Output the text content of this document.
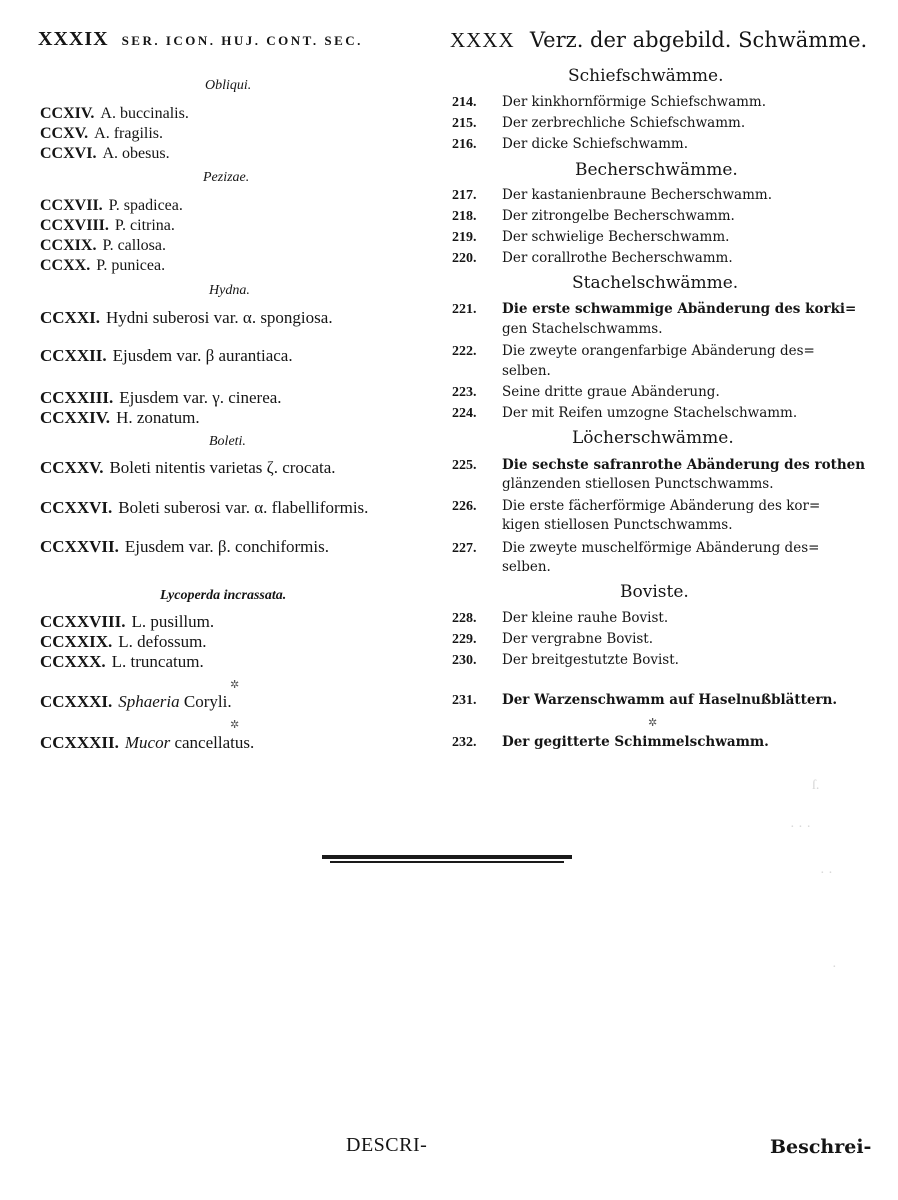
XXXIX SER. ICON. HUJ. CONT. SEC.	XXXX Verz. der abgebild. Schwämme.
Obliqui.
CCXIV. A. buccinalis.
CCXV. A. fragilis.
CCXVI. A. obesus.
Pezizae.
CCXVII. P. spadicea.
CCXVIII. P. citrina.
CCXIX. P. callosa.
CCXX. P. punicea.
Hydna.
CCXXI. Hydni suberosi var. α. spongiosa.
CCXXII. Ejusdem var. β aurantiaca.
CCXXIII. Ejusdem var. γ. cinerea.
CCXXIV. H. zonatum.
Boleti.
CCXXV. Boleti nitentis varietas ζ. crocata.
CCXXVI. Boleti suberosi var. α. flabelliformis.
CCXXVII. Ejusdem var. β. conchiformis.
Lycoperda incrassata.
CCXXVIII. L. pusillum.
CCXXIX. L. defossum.
CCXXX. L. truncatum.
✲
CCXXXI. Sphaeria Coryli.
✲
CCXXXII. Mucor cancellatus.
Schiefschwämme.
214. Der kinkhornförmige Schiefschwamm.
215. Der zerbrechliche Schiefschwamm.
216. Der dicke Schiefschwamm.
Becherschwämme.
217. Der kastanienbraune Becherschwamm.
218. Der zitrongelbe Becherschwamm.
219. Der schwielige Becherschwamm.
220. Der corallrothe Becherschwamm.
Stachelschwämme.
221. Die erste schwammige Abänderung des korki=
gen Stachelschwamms.
222. Die zweyte orangenfarbige Abänderung des=
selben.
223. Seine dritte graue Abänderung.
224. Der mit Reifen umzogne Stachelschwamm.
Löcherschwämme.
225. Die sechste safranrothe Abänderung des rothen
glänzenden stiellosen Punctschwamms.
226. Die erste fächerförmige Abänderung des kor=
kigen stiellosen Punctschwamms.
227. Die zweyte muschelförmige Abänderung des=
selben.
Boviste.
228. Der kleine rauhe Bovist.
229. Der vergrabne Bovist.
230. Der breitgestutzte Bovist.
231. Der Warzenschwamm auf Haselnußblättern.
✲
232. Der gegitterte Schimmelschwamm.
ſ.
· · ·
· ·
·
DESCRI-	Beschrei-
